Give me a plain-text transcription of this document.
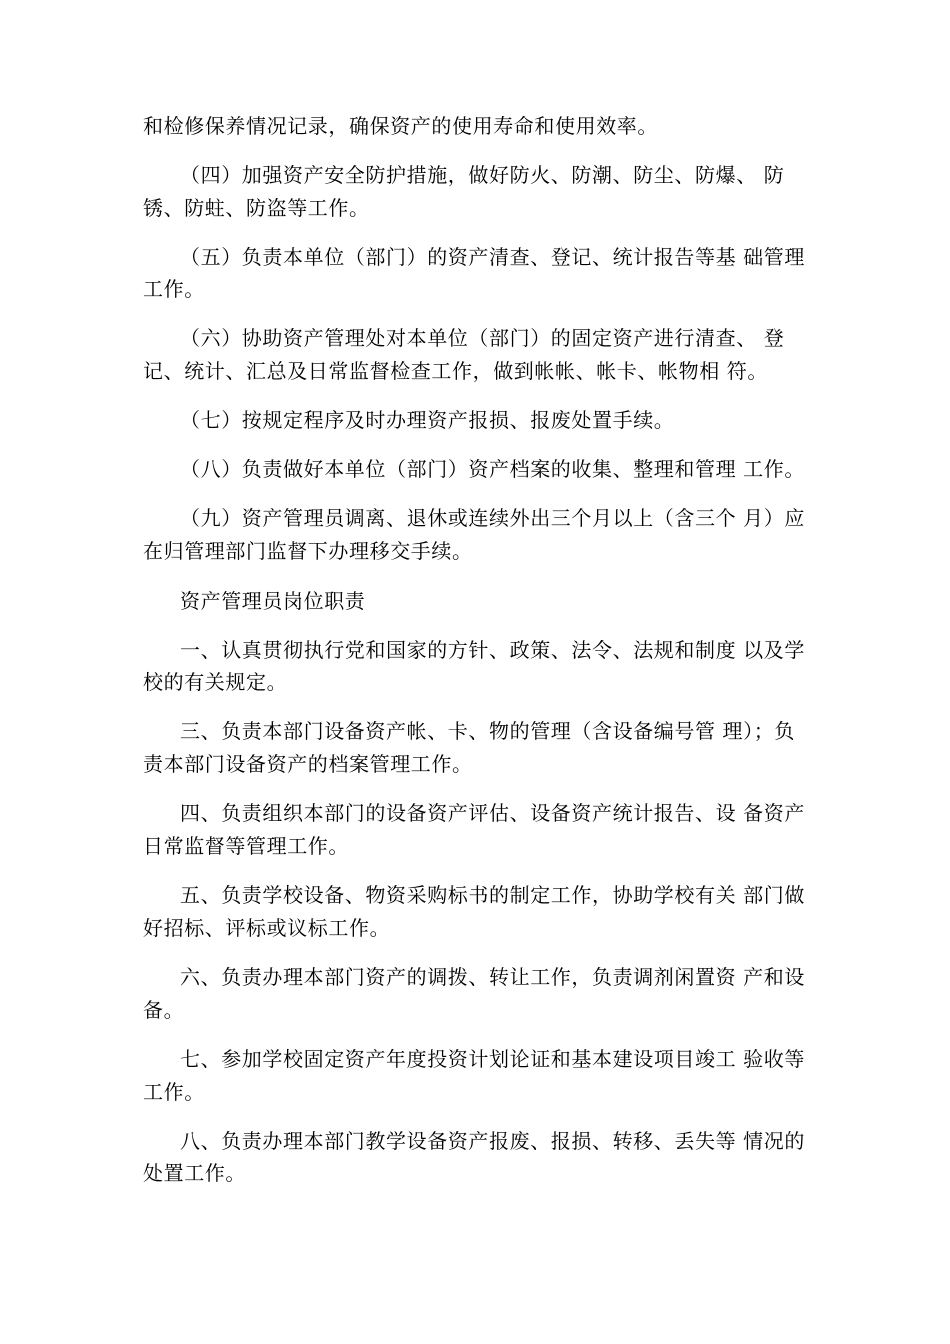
和检修保养情况记录，确保资产的使用寿命和使用效率。
（四）加强资产安全防护措施，做好防火、防潮、防尘、防爆、 防
锈、防蛀、防盗等工作。
（五）负责本单位（部门）的资产清查、登记、统计报告等基 础管理
工作。
（六）协助资产管理处对本单位（部门）的固定资产进行清查、 登
记、统计、汇总及日常监督检查工作，做到帐帐、帐卡、帐物相 符。
（七）按规定程序及时办理资产报损、报废处置手续。
（八）负责做好本单位（部门）资产档案的收集、整理和管理 工作。
（九）资产管理员调离、退休或连续外出三个月以上（含三个 月）应
在归管理部门监督下办理移交手续。
资产管理员岗位职责
一、认真贯彻执行党和国家的方针、政策、法令、法规和制度 以及学
校的有关规定。
三、负责本部门设备资产帐、卡、物的管理（含设备编号管 理）；负
责本部门设备资产的档案管理工作。
四、负责组织本部门的设备资产评估、设备资产统计报告、设 备资产
日常监督等管理工作。
五、负责学校设备、物资采购标书的制定工作，协助学校有关 部门做
好招标、评标或议标工作。
六、负责办理本部门资产的调拨、转让工作，负责调剂闲置资 产和设
备。
七、参加学校固定资产年度投资计划论证和基本建设项目竣工 验收等
工作。
八、负责办理本部门教学设备资产报废、报损、转移、丢失等 情况的
处置工作。
